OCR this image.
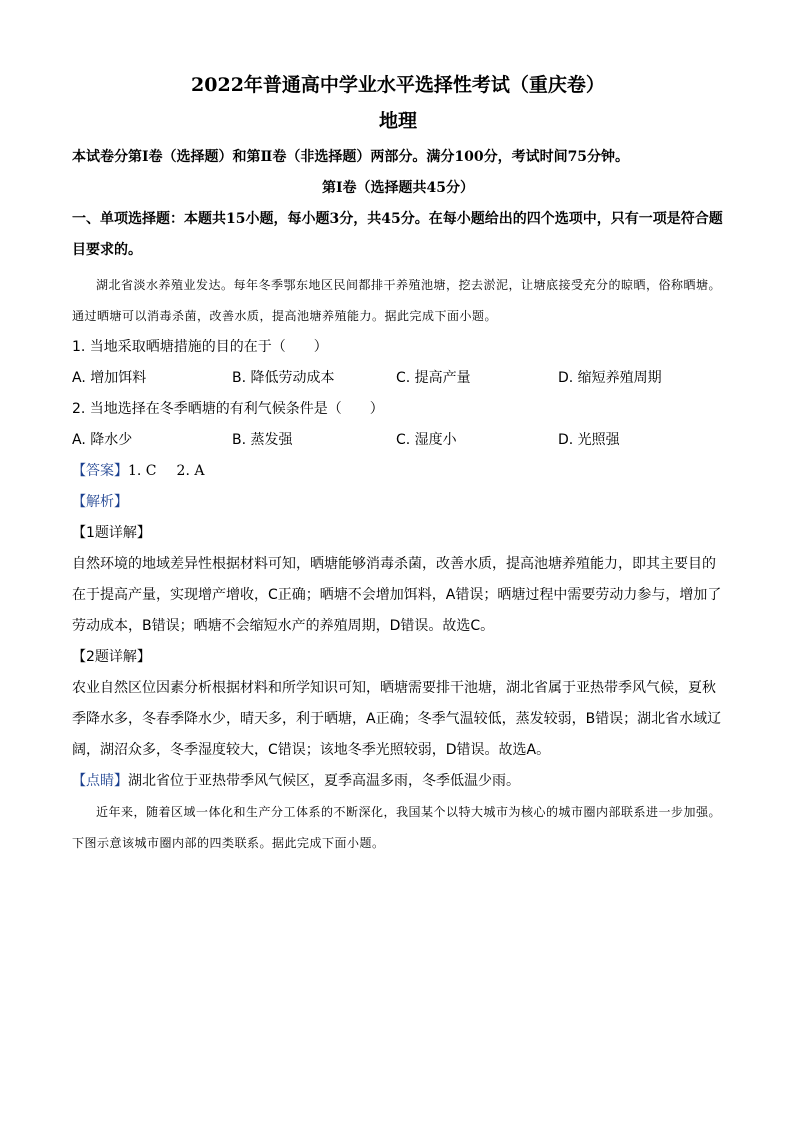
2022年普通高中学业水平选择性考试（重庆卷）
地理

本试卷分第Ⅰ卷（选择题）和第Ⅱ卷（非选择题）两部分。满分100分，考试时间75分钟。

第Ⅰ卷（选择题共45分）

一、单项选择题：本题共15小题，每小题3分，共45分。在每小题给出的四个选项中，只有一项是符合题目要求的。

湖北省淡水养殖业发达。每年冬季鄂东地区民间都排干养殖池塘，挖去淤泥，让塘底接受充分的晾晒，俗称晒塘。通过晒塘可以消毒杀菌，改善水质，提高池塘养殖能力。据此完成下面小题。

1. 当地采取晒塘措施的目的在于（　　）

A. 增加饵料	B. 降低劳动成本	C. 提高产量	D. 缩短养殖周期

2. 当地选择在冬季晒塘的有利气候条件是（　　）

A. 降水少	B. 蒸发强	C. 湿度小	D. 光照强

【答案】1. C 2. A

【解析】

【1题详解】

自然环境的地域差异性根据材料可知，晒塘能够消毒杀菌，改善水质，提高池塘养殖能力，即其主要目的在于提高产量，实现增产增收，C正确；晒塘不会增加饵料，A错误；晒塘过程中需要劳动力参与，增加了劳动成本，B错误；晒塘不会缩短水产的养殖周期，D错误。故选C。

【2题详解】

农业自然区位因素分析根据材料和所学知识可知，晒塘需要排干池塘，湖北省属于亚热带季风气候，夏秋季降水多，冬春季降水少，晴天多，利于晒塘，A正确；冬季气温较低，蒸发较弱，B错误；湖北省水域辽阔，湖沼众多，冬季湿度较大，C错误；该地冬季光照较弱，D错误。故选A。

【点睛】湖北省位于亚热带季风气候区，夏季高温多雨，冬季低温少雨。

近年来，随着区域一体化和生产分工体系的不断深化，我国某个以特大城市为核心的城市圈内部联系进一步加强。下图示意该城市圈内部的四类联系。据此完成下面小题。
